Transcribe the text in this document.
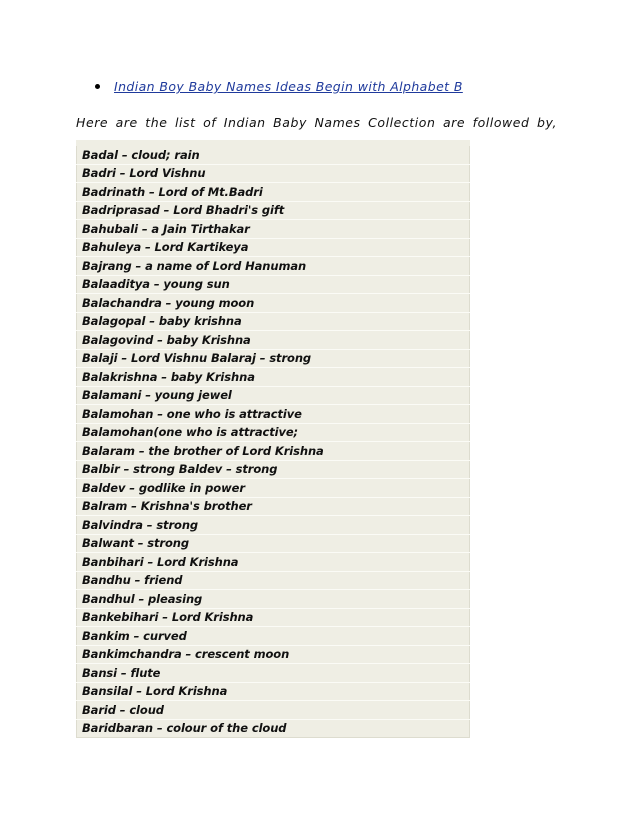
Indian Boy Baby Names Ideas Begin with Alphabet B
Here are the list of Indian Baby Names Collection are followed by,
Badal – cloud; rain
Badri – Lord Vishnu
Badrinath – Lord of Mt.Badri
Badriprasad – Lord Bhadri's gift
Bahubali – a Jain Tirthakar
Bahuleya – Lord Kartikeya
Bajrang – a name of Lord Hanuman
Balaaditya – young sun
Balachandra – young moon
Balagopal – baby krishna
Balagovind – baby Krishna
Balaji – Lord Vishnu Balaraj – strong
Balakrishna – baby Krishna
Balamani – young jewel
Balamohan – one who is attractive
Balamohan(one who is attractive;
Balaram – the brother of Lord Krishna
Balbir – strong Baldev – strong
Baldev – godlike in power
Balram – Krishna's brother
Balvindra – strong
Balwant – strong
Banbihari – Lord Krishna
Bandhu – friend
Bandhul – pleasing
Bankebihari – Lord Krishna
Bankim – curved
Bankimchandra – crescent moon
Bansi – flute
Bansilal – Lord Krishna
Barid – cloud
Baridbaran – colour of the cloud
